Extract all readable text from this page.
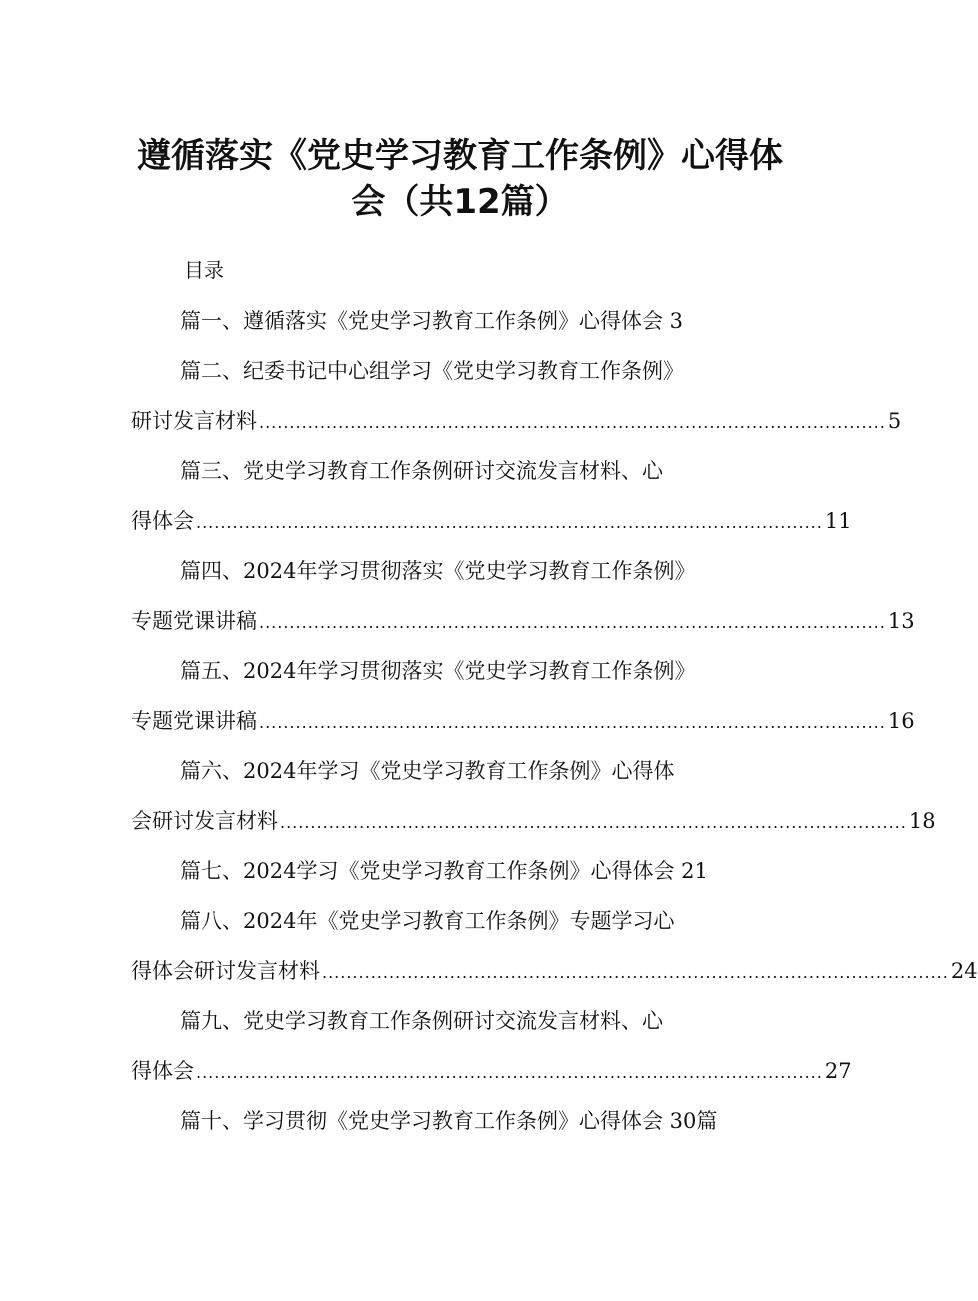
遵循落实《党史学习教育工作条例》心得体
会（共12篇）
目录
篇一、遵循落实《党史学习教育工作条例》心得体会 3
篇二、纪委书记中心组学习《党史学习教育工作条例》
研讨发言材料 ....................................................................................................... 5
篇三、党史学习教育工作条例研讨交流发言材料、心
得体会 ....................................................................................................... 11
篇四、2024年学习贯彻落实《党史学习教育工作条例》
专题党课讲稿 ....................................................................................................... 13
篇五、2024年学习贯彻落实《党史学习教育工作条例》
专题党课讲稿 ....................................................................................................... 16
篇六、2024年学习《党史学习教育工作条例》心得体
会研讨发言材料 ....................................................................................................... 18
篇七、2024学习《党史学习教育工作条例》心得体会 21
篇八、2024年《党史学习教育工作条例》专题学习心
得体会研讨发言材料 ....................................................................................................... 24
篇九、党史学习教育工作条例研讨交流发言材料、心
得体会 ....................................................................................................... 27
篇十、学习贯彻《党史学习教育工作条例》心得体会 30篇
